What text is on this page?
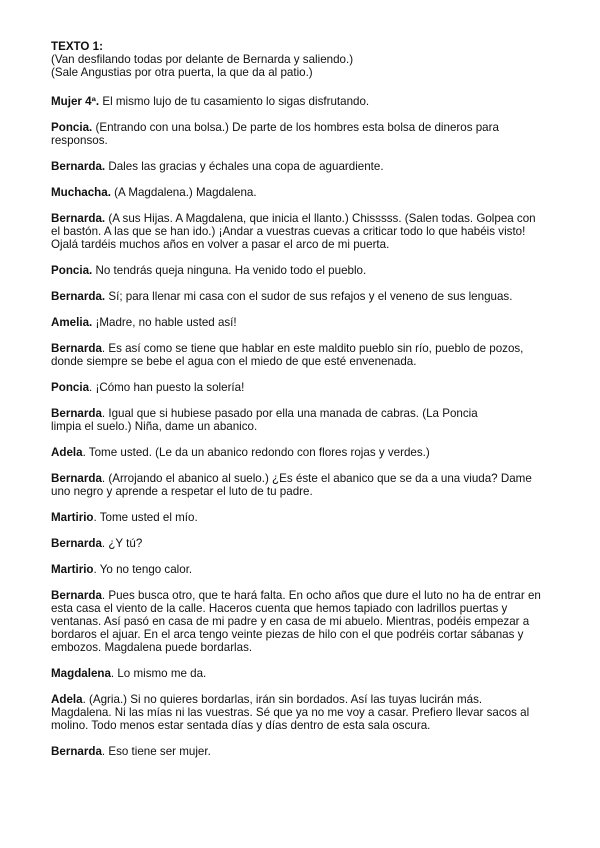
TEXTO 1:

(Van desfilando todas por delante de Bernarda y saliendo.)

(Sale Angustias por otra puerta, la que da al patio.)

Mujer 4ª. El mismo lujo de tu casamiento lo sigas disfrutando.

Poncia. (Entrando con una bolsa.) De parte de los hombres esta bolsa de dineros para
responsos.

Bernarda. Dales las gracias y échales una copa de aguardiente.

Muchacha. (A Magdalena.) Magdalena.

Bernarda. (A sus Hijas. A Magdalena, que inicia el llanto.) Chisssss. (Salen todas. Golpea con
el bastón. A las que se han ido.) ¡Andar a vuestras cuevas a criticar todo lo que habéis visto!
Ojalá tardéis muchos años en volver a pasar el arco de mi puerta.

Poncia. No tendrás queja ninguna. Ha venido todo el pueblo.

Bernarda. Sí; para llenar mi casa con el sudor de sus refajos y el veneno de sus lenguas.

Amelia. ¡Madre, no hable usted así!

Bernarda. Es así como se tiene que hablar en este maldito pueblo sin río, pueblo de pozos,
donde siempre se bebe el agua con el miedo de que esté envenenada.

Poncia. ¡Cómo han puesto la solería!

Bernarda. Igual que si hubiese pasado por ella una manada de cabras. (La Poncia
limpia el suelo.) Niña, dame un abanico.

Adela. Tome usted. (Le da un abanico redondo con flores rojas y verdes.)

Bernarda. (Arrojando el abanico al suelo.) ¿Es éste el abanico que se da a una viuda? Dame
uno negro y aprende a respetar el luto de tu padre.

Martirio. Tome usted el mío.

Bernarda. ¿Y tú?

Martirio. Yo no tengo calor.

Bernarda. Pues busca otro, que te hará falta. En ocho años que dure el luto no ha de entrar en
esta casa el viento de la calle. Haceros cuenta que hemos tapiado con ladrillos puertas y
ventanas. Así pasó en casa de mi padre y en casa de mi abuelo. Mientras, podéis empezar a
bordaros el ajuar. En el arca tengo veinte piezas de hilo con el que podréis cortar sábanas y
embozos. Magdalena puede bordarlas.

Magdalena. Lo mismo me da.

Adela. (Agria.) Si no quieres bordarlas, irán sin bordados. Así las tuyas lucirán más.
Magdalena. Ni las mías ni las vuestras. Sé que ya no me voy a casar. Prefiero llevar sacos al
molino. Todo menos estar sentada días y días dentro de esta sala oscura.

Bernarda. Eso tiene ser mujer.
